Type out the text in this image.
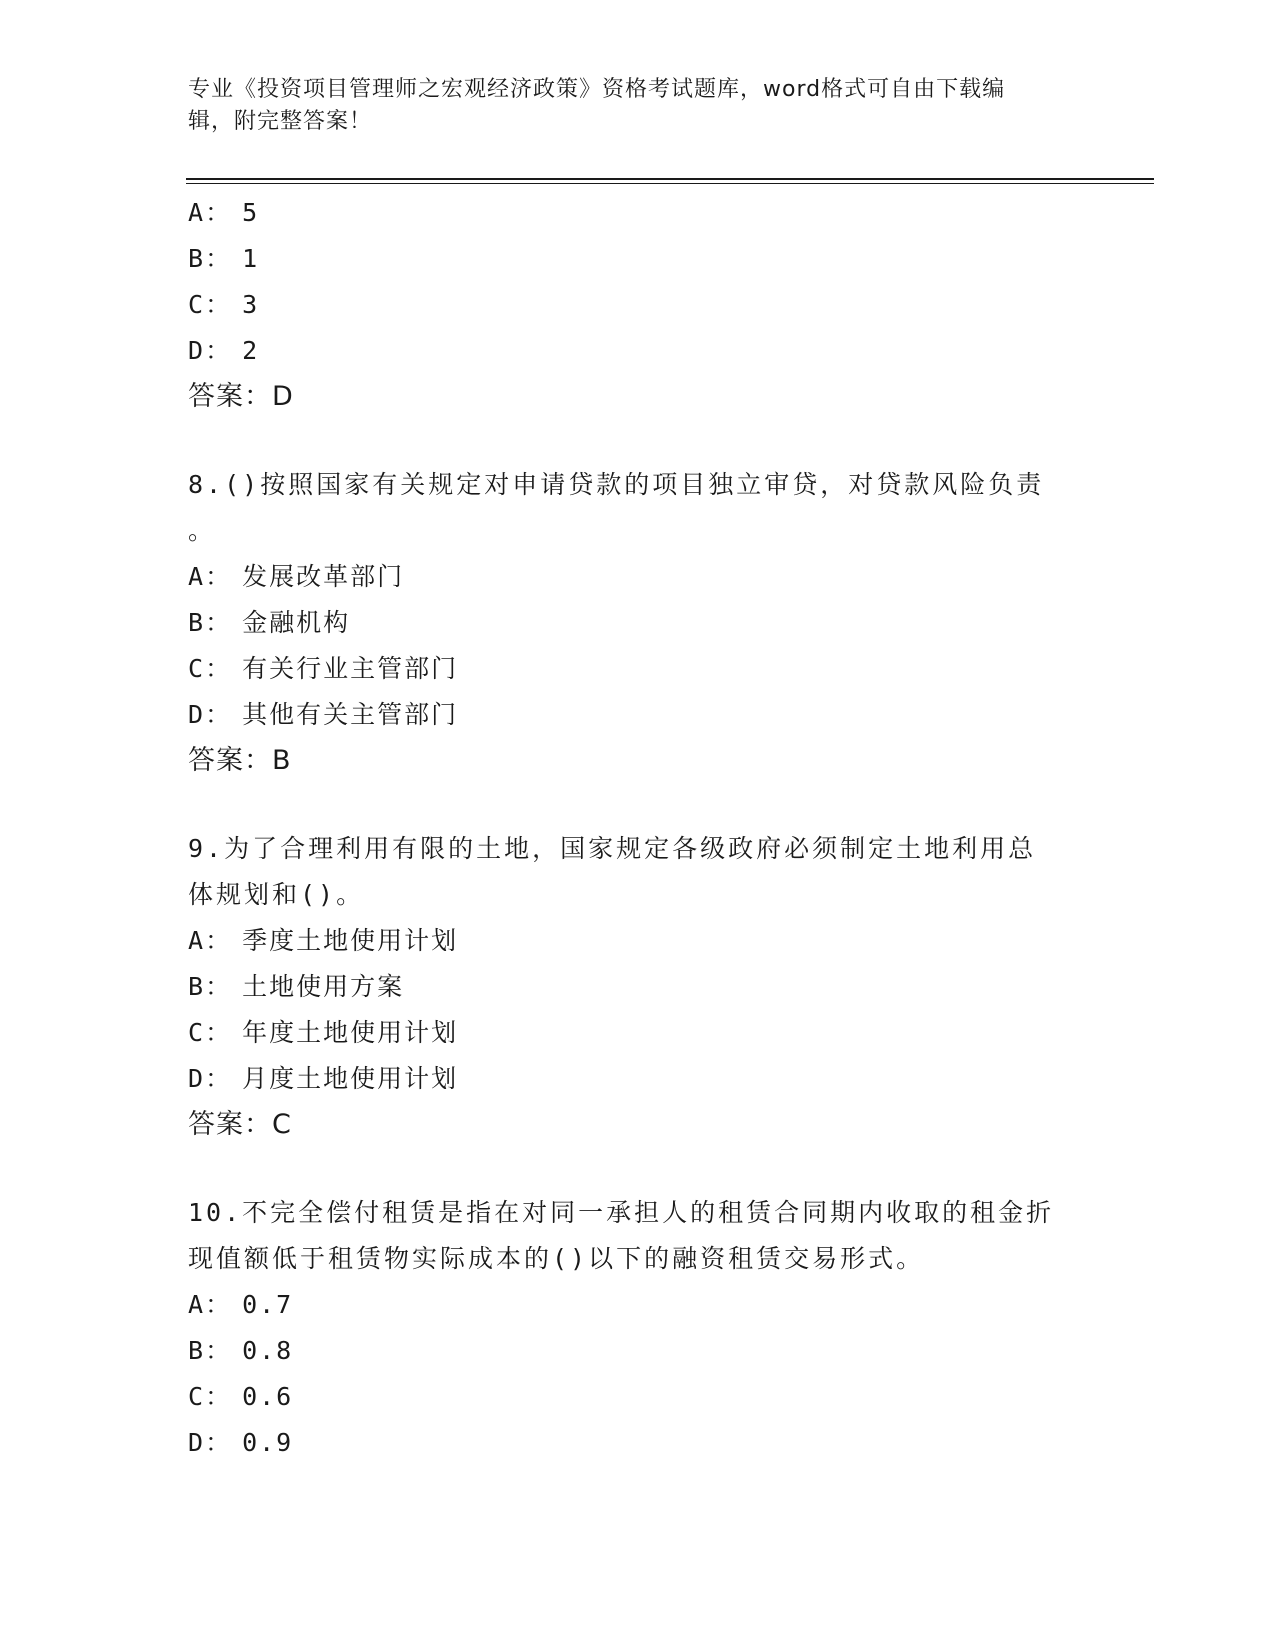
专业《投资项目管理师之宏观经济政策》资格考试题库，word格式可自由下载编
辑，附完整答案！
A： 5
B： 1
C： 3
D： 2
答案：D
8.()按照国家有关规定对申请贷款的项目独立审贷，对贷款风险负责
。
A： 发展改革部门
B： 金融机构
C： 有关行业主管部门
D： 其他有关主管部门
答案：B
9.为了合理利用有限的土地，国家规定各级政府必须制定土地利用总
体规划和()。
A： 季度土地使用计划
B： 土地使用方案
C： 年度土地使用计划
D： 月度土地使用计划
答案：C
10.不完全偿付租赁是指在对同一承担人的租赁合同期内收取的租金折
现值额低于租赁物实际成本的()以下的融资租赁交易形式。
A： 0.7
B： 0.8
C： 0.6
D： 0.9
